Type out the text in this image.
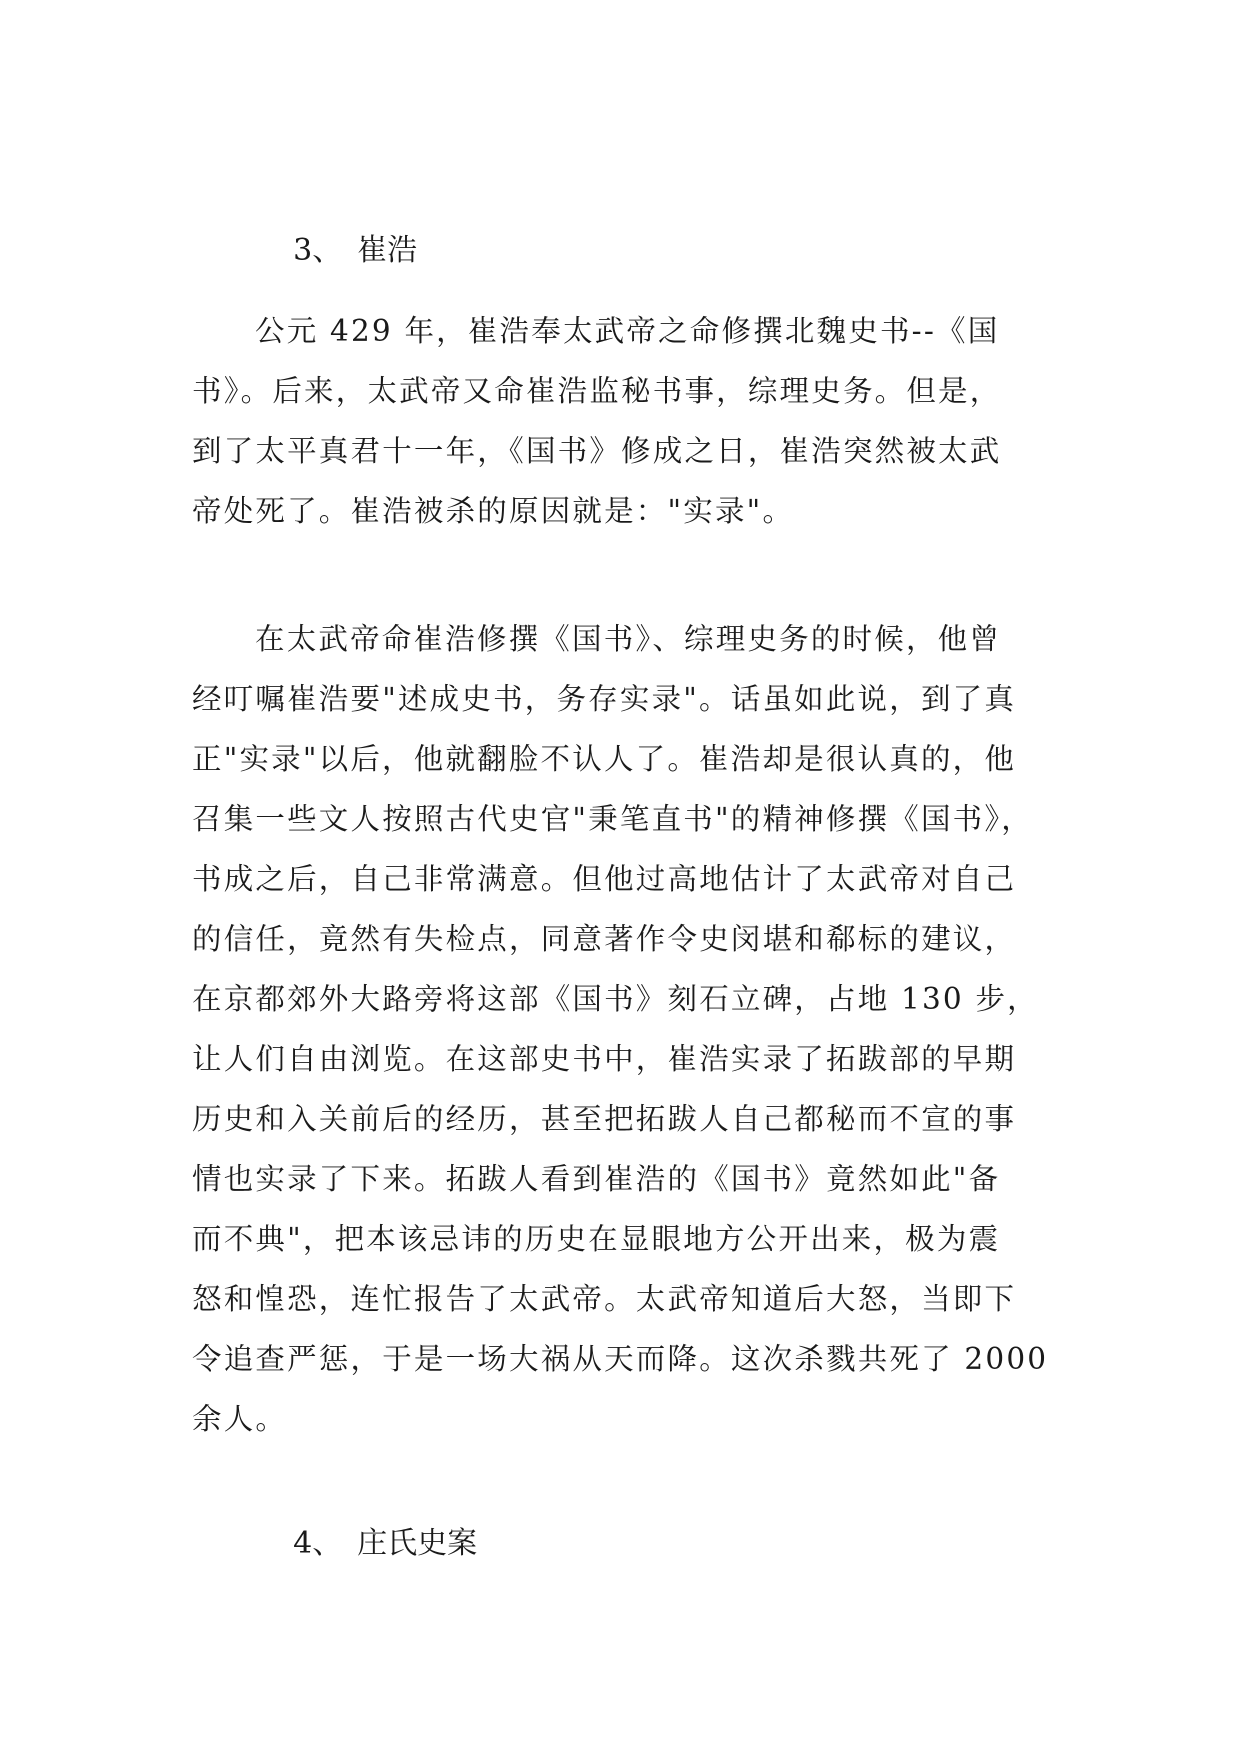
3、 崔浩

公元 429 年，崔浩奉太武帝之命修撰北魏史书--《国
书》。后来，太武帝又命崔浩监秘书事，综理史务。但是，
到了太平真君十一年，《国书》修成之日，崔浩突然被太武
帝处死了。崔浩被杀的原因就是："实录"。
在太武帝命崔浩修撰《国书》、综理史务的时候，他曾
经叮嘱崔浩要"述成史书，务存实录"。话虽如此说，到了真
正"实录"以后，他就翻脸不认人了。崔浩却是很认真的，他
召集一些文人按照古代史官"秉笔直书"的精神修撰《国书》，
书成之后，自己非常满意。但他过高地估计了太武帝对自己
的信任，竟然有失检点，同意著作令史闵堪和郗标的建议，
在京都郊外大路旁将这部《国书》刻石立碑，占地 130 步，
让人们自由浏览。在这部史书中，崔浩实录了拓跋部的早期
历史和入关前后的经历，甚至把拓跋人自己都秘而不宣的事
情也实录了下来。拓跋人看到崔浩的《国书》竟然如此"备
而不典"，把本该忌讳的历史在显眼地方公开出来，极为震
怒和惶恐，连忙报告了太武帝。太武帝知道后大怒，当即下
令追查严惩，于是一场大祸从天而降。这次杀戮共死了 2000
余人。

4、 庄氏史案
